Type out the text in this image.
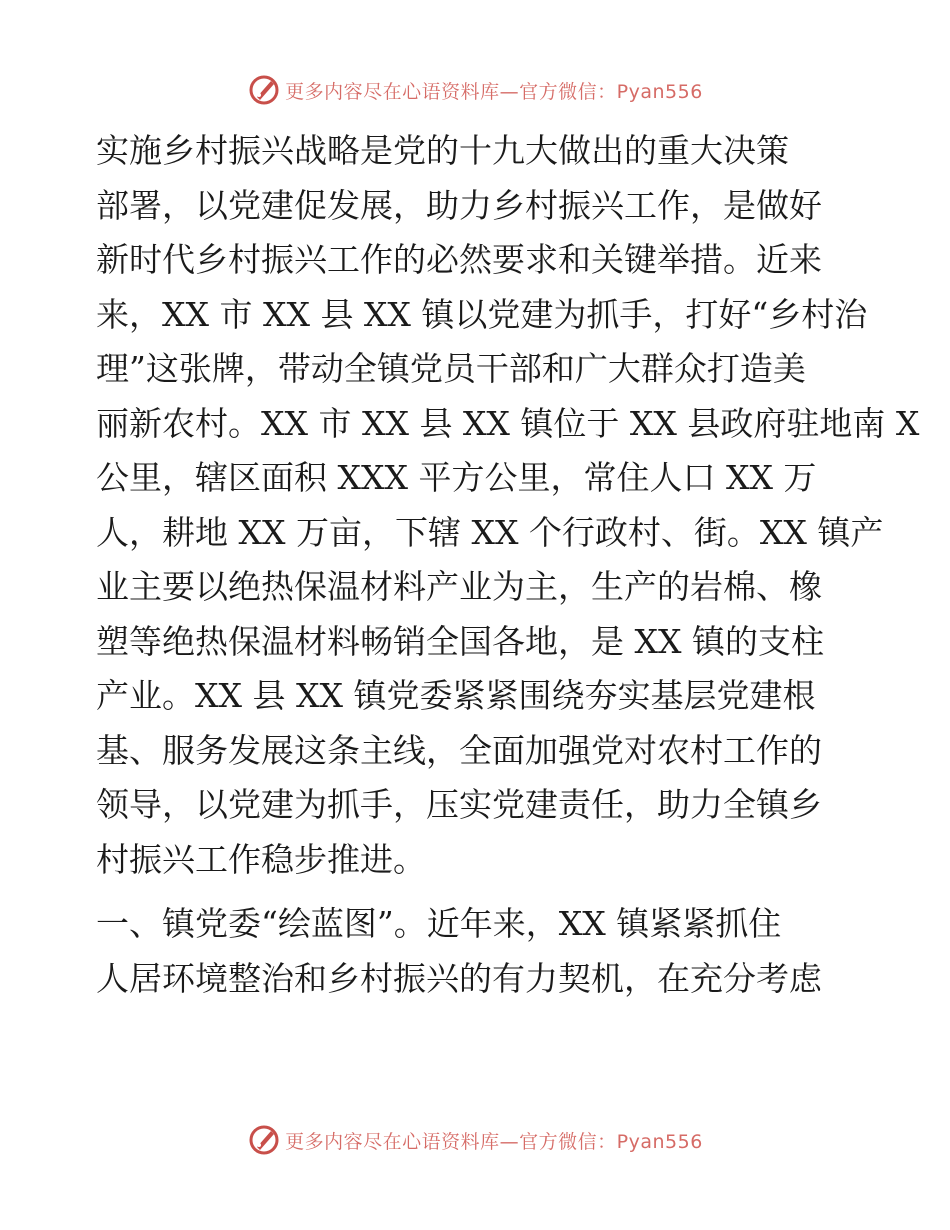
更多内容尽在心语资料库—官方微信：Pyan556
实施乡村振兴战略是党的十九大做出的重大决策
部署，以党建促发展，助力乡村振兴工作，是做好
新时代乡村振兴工作的必然要求和关键举措。近来
来，XX 市 XX 县 XX 镇以党建为抓手，打好“乡村治
理”这张牌，带动全镇党员干部和广大群众打造美
丽新农村。XX 市 XX 县 XX 镇位于 XX 县政府驻地南 X
公里，辖区面积 XXX 平方公里，常住人口 XX 万
人，耕地 XX 万亩，下辖 XX 个行政村、街。XX 镇产
业主要以绝热保温材料产业为主，生产的岩棉、橡
塑等绝热保温材料畅销全国各地，是 XX 镇的支柱
产业。XX 县 XX 镇党委紧紧围绕夯实基层党建根
基、服务发展这条主线，全面加强党对农村工作的
领导，以党建为抓手，压实党建责任，助力全镇乡
村振兴工作稳步推进。
一、镇党委“绘蓝图”。近年来，XX 镇紧紧抓住
人居环境整治和乡村振兴的有力契机，在充分考虑
更多内容尽在心语资料库—官方微信：Pyan556
